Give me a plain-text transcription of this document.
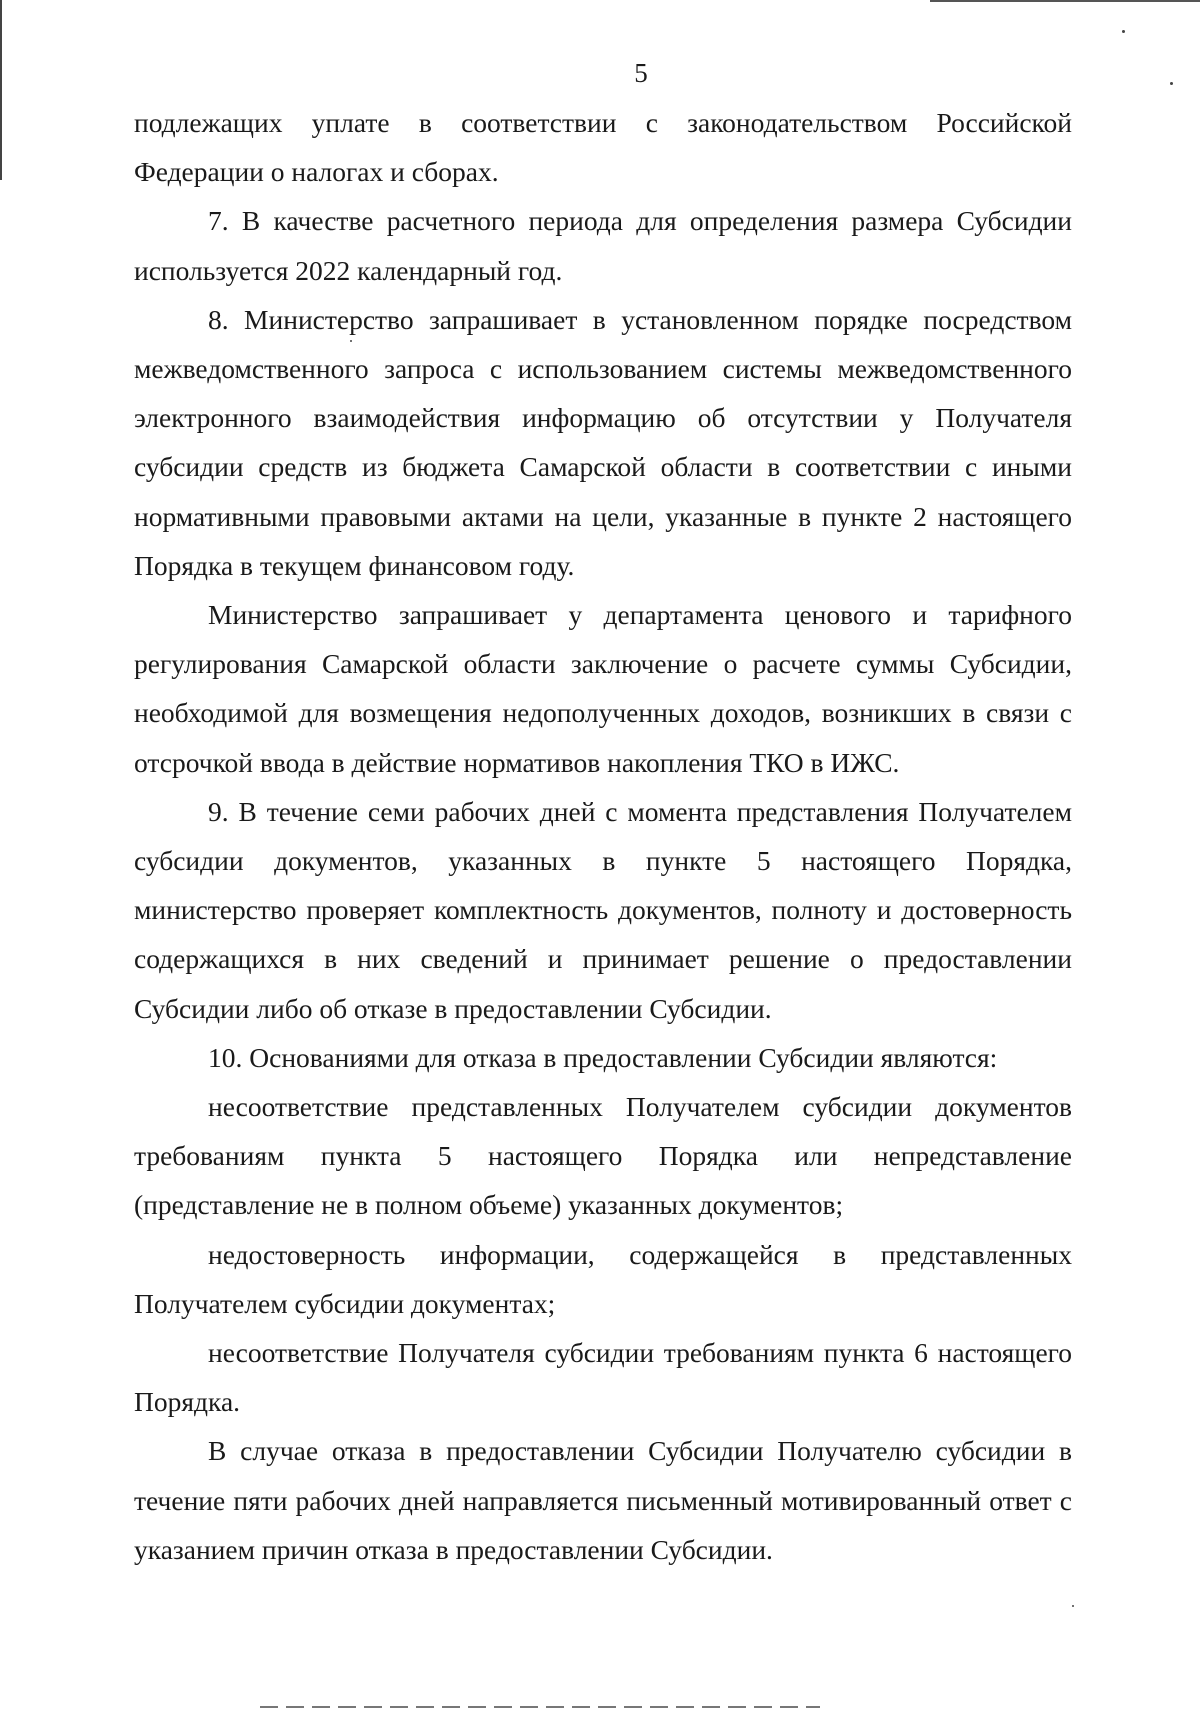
5

подлежащих уплате в соответствии с законодательством Российской Федерации о налогах и сборах.

7. В качестве расчетного периода для определения размера Субсидии используется 2022 календарный год.

8. Министерство запрашивает в установленном порядке посредством межведомственного запроса с использованием системы межведомственного электронного взаимодействия информацию об отсутствии у Получателя субсидии средств из бюджета Самарской области в соответствии с иными нормативными правовыми актами на цели, указанные в пункте 2 настоящего Порядка в текущем финансовом году.

Министерство запрашивает у департамента ценового и тарифного регулирования Самарской области заключение о расчете суммы Субсидии, необходимой для возмещения недополученных доходов, возникших в связи с отсрочкой ввода в действие нормативов накопления ТКО в ИЖС.

9. В течение семи рабочих дней с момента представления Получателем субсидии документов, указанных в пункте 5 настоящего Порядка, министерство проверяет комплектность документов, полноту и достоверность содержащихся в них сведений и принимает решение о предоставлении Субсидии либо об отказе в предоставлении Субсидии.

10. Основаниями для отказа в предоставлении Субсидии являются:

несоответствие представленных Получателем субсидии документов требованиям пункта 5 настоящего Порядка или непредставление (представление не в полном объеме) указанных документов;

недостоверность информации, содержащейся в представленных Получателем субсидии документах;

несоответствие Получателя субсидии требованиям пункта 6 настоящего Порядка.

В случае отказа в предоставлении Субсидии Получателю субсидии в течение пяти рабочих дней направляется письменный мотивированный ответ с указанием причин отказа в предоставлении Субсидии.
